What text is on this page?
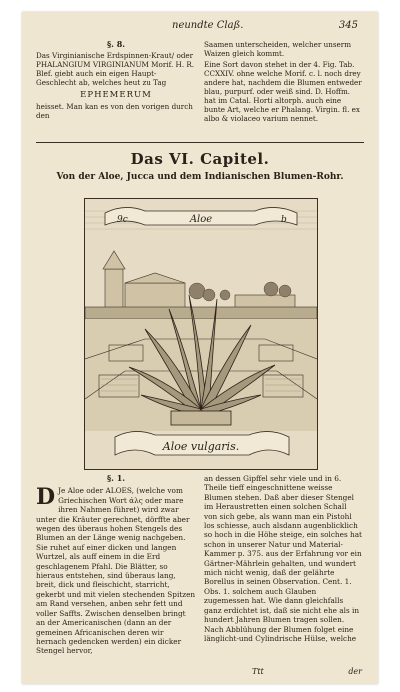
neundte Claß.	345
§. 8.

Das Virginianische Erdspinnen-Kraut/ oder PHALANGIUM VIRGINIANUM Morif. H. R. Blef. giebt auch ein eigen Haupt-Geschlecht ab, welches heut zu Tag

EPHEMERUM

heisset. Man kan es von den vorigen durch den

Saamen unterscheiden, welcher unserm Waizen gleich kommt.

Eine Sort davon stehet in der 4. Fig. Tab. CCXXIV. ohne welche Morif. c. l. noch drey andere hat, nachdem die Blumen entweder blau, purpurf. oder weiß sind. D. Hoffm. hat im Catal. Horti altorph. auch eine bunte Art, welche er Phalang. Virgin. fl. ex albo & violaceo varium nennet.

Das VI. Capitel.
Von der Aloe, Jucca und dem Indianischen Blumen-Rohr.
Aloe
9c	b
Aloe vulgaris.
§. 1.
D Je Aloe oder ALOES, (welche vom Griechischen Wort άλς oder mare ihren Nahmen führet) wird zwar unter die Kräuter gerechnet, dörffte aber wegen des überaus hohen Stengels des Blumen an der Länge wenig nachgeben. Sie ruhet auf einer dicken und langen Wurtzel, als auff einem in die Erd geschlagenem Pfahl. Die Blätter, so hieraus entstehen, sind überaus lang, breit, dick und fleischicht, starricht, gekerbt und mit vielen stechenden Spitzen am Rand versehen, anben sehr fett und voller Saffts. Zwischen denselben bringt an der Americanischen (dann an der gemeinen Africanischen deren wir hernach gedencken werden) ein dicker Stengel hervor,
an dessen Gipffel sehr viele und in 6. Theile tieff eingeschnittene weisse Blumen stehen. Daß aber dieser Stengel im Heraustretten einen solchen Schall von sich gebe, als wann man ein Pistohl los schiesse, auch alsdann augenblicklich so hoch in die Höhe steige, ein solches hat schon in unserer Natur und Material-Kammer p. 375. aus der Erfahrung vor ein Gärtner-Mährlein gehalten, und wundert mich nicht wenig, daß der gelährte Borellus in seinen Observation. Cent. 1. Obs. 1. solchem auch Glauben zugemessen hat. Wie dann gleichfalls ganz erdichtet ist, daß sie nicht ehe als in hundert Jahren Blumen tragen sollen. Nach Abblühung der Blumen folget eine länglicht-und Cylindrische Hülse, welche
Ttt	der
